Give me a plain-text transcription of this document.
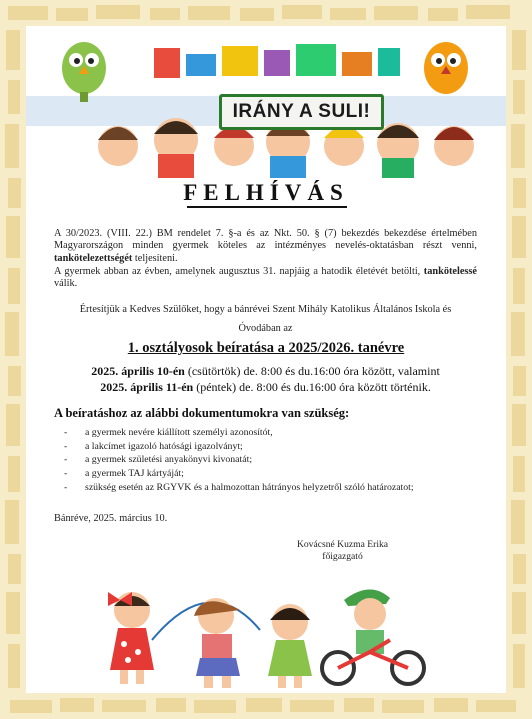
IRÁNY A SULI!
FELHÍVÁS
A 30/2023. (VIII. 22.) BM rendelet 7. §-a és az Nkt. 50. § (7) bekezdés bekezdése értelmében Magyarországon minden gyermek köteles az intézményes nevelés-oktatásban részt venni, tankötelezettségét teljesíteni.
A gyermek abban az évben, amelynek augusztus 31. napjáig a hatodik életévét betölti, tankötelessé válik.
Értesítjük a Kedves Szülőket, hogy a bánrévei Szent Mihály Katolikus Általános Iskola és
Óvodában az
1. osztályosok beíratása a 2025/2026. tanévre
2025. április 10-én (csütörtök) de. 8:00 és du.16:00 óra között, valamint
2025. április 11-én (péntek) de. 8:00 és du.16:00 óra között történik.
A beíratáshoz az alábbi dokumentumokra van szükség:
- a gyermek nevére kiállított személyi azonosítót,
- a lakcímet igazoló hatósági igazolványt;
- a gyermek születési anyakönyvi kivonatát;
- a gyermek TAJ kártyáját;
- szükség esetén az RGYVK és a halmozottan hátrányos helyzetről szóló határozatot;
Bánréve, 2025. március 10.
Kovácsné Kuzma Erika
főigazgató
